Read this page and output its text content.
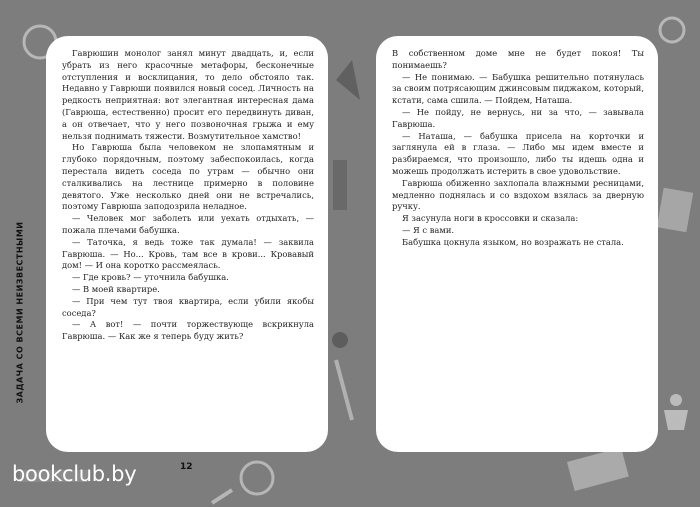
ЗАДАЧА СО ВСЕМИ НЕИЗВЕСТНЫМИ

Гаврюшин монолог занял минут двадцать, и, если убрать из него красочные метафоры, бесконечные отступления и восклицания, то дело обстояло так. Недавно у Гаврюши появился новый сосед. Личность на редкость неприятная: вот элегантная интересная дама (Гаврюша, естественно) просит его передвинуть диван, а он отвечает, что у него позвоночная грыжа и ему нельзя поднимать тяжести. Возмутительное хамство!

Но Гаврюша была человеком не злопамятным и глубоко порядочным, поэтому забеспокоилась, когда перестала видеть соседа по утрам — обычно они сталкивались на лестнице примерно в половине девятого. Уже несколько дней они не встречались, поэтому Гаврюша заподозрила неладное.

— Человек мог заболеть или уехать отдыхать, — пожала плечами бабушка.

— Таточка, я ведь тоже так думала! — заквила Гаврюша. — Но... Кровь, там все в крови... Кровавый дом! — И она коротко рассмеялась.

— Где кровь? — уточнила бабушка.

— В моей квартире.

— При чем тут твоя квартира, если убили якобы соседа?

— А вот! — почти торжествующе вскрикнула Гаврюша. — Как же я теперь буду жить?

В собственном доме мне не будет покоя! Ты понимаешь?

— Не понимаю. — Бабушка решительно потянулась за своим потрясающим джинсовым пиджаком, который, кстати, сама сшила. — Пойдем, Наташа.

— Не пойду, не вернусь, ни за что, — завывала Гаврюша.

— Наташа, — бабушка присела на корточки и заглянула ей в глаза. — Либо мы идем вместе и разбираемся, что произошло, либо ты идешь одна и можешь продолжать истерить в свое удовольствие.

Гаврюша обиженно захлопала влажными ресницами, медленно поднялась и со вздохом взялась за дверную ручку.

Я засунула ноги в кроссовки и сказала:

— Я с вами.

Бабушка цокнула языком, но возражать не стала.

12
bookclub.by
